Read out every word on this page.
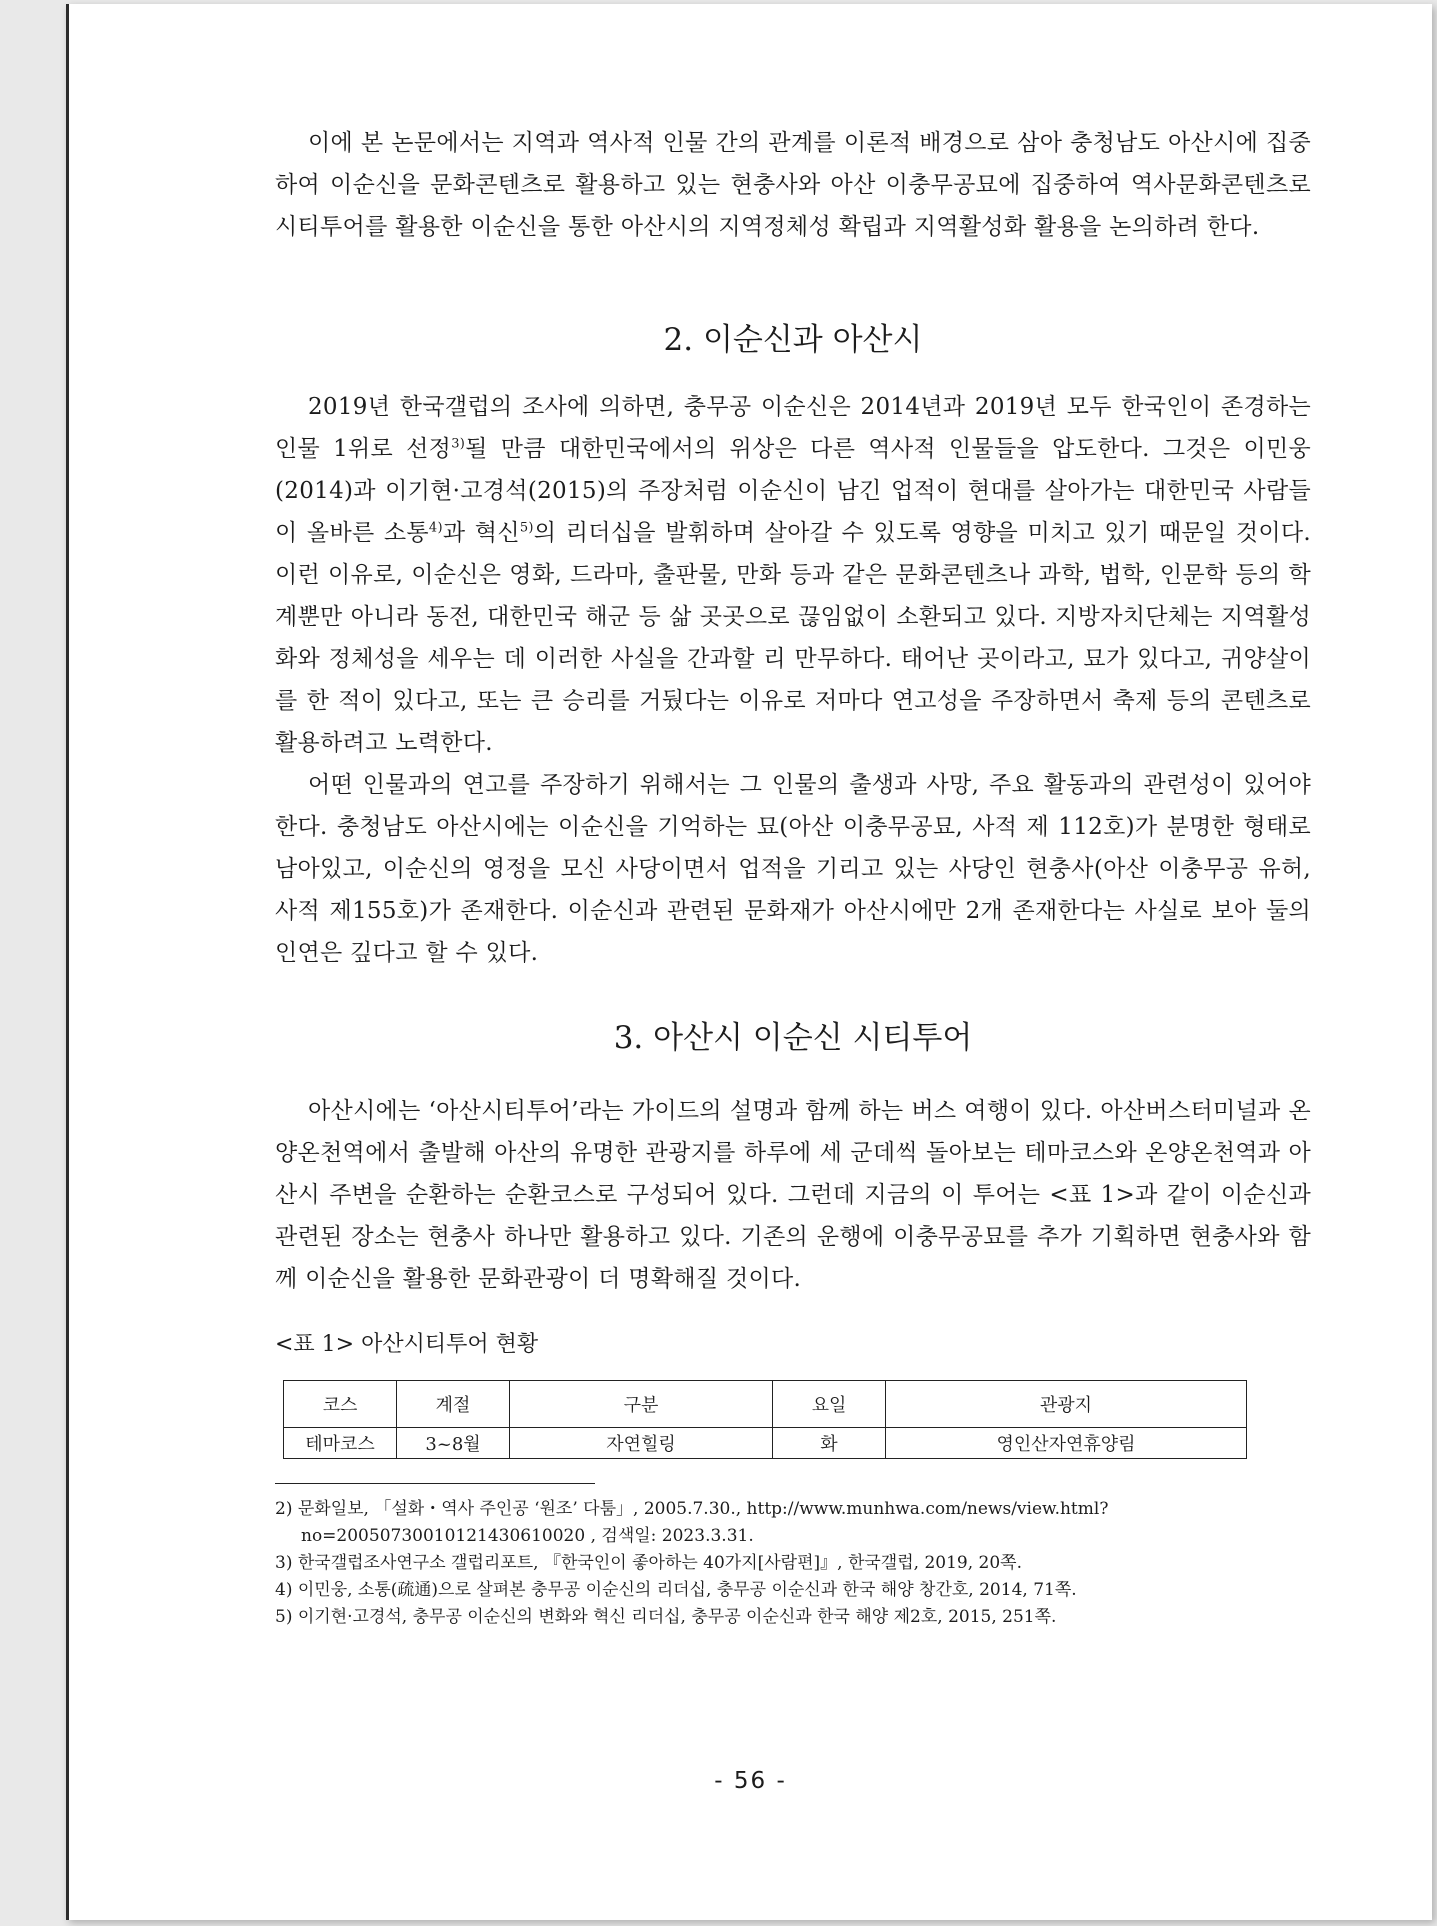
이에 본 논문에서는 지역과 역사적 인물 간의 관계를 이론적 배경으로 삼아 충청남도 아산시에 집중하여 이순신을 문화콘텐츠로 활용하고 있는 현충사와 아산 이충무공묘에 집중하여 역사문화콘텐츠로 시티투어를 활용한 이순신을 통한 아산시의 지역정체성 확립과 지역활성화 활용을 논의하려 한다.

2. 이순신과 아산시

2019년 한국갤럽의 조사에 의하면, 충무공 이순신은 2014년과 2019년 모두 한국인이 존경하는 인물 1위로 선정$^{3)}$될 만큼 대한민국에서의 위상은 다른 역사적 인물들을 압도한다. 그것은 이민웅(2014)과 이기현·고경석(2015)의 주장처럼 이순신이 남긴 업적이 현대를 살아가는 대한민국 사람들이 올바른 소통$^{4)}$과 혁신$^{5)}$의 리더십을 발휘하며 살아갈 수 있도록 영향을 미치고 있기 때문일 것이다. 이런 이유로, 이순신은 영화, 드라마, 출판물, 만화 등과 같은 문화콘텐츠나 과학, 법학, 인문학 등의 학계뿐만 아니라 동전, 대한민국 해군 등 삶 곳곳으로 끊임없이 소환되고 있다. 지방자치단체는 지역활성화와 정체성을 세우는 데 이러한 사실을 간과할 리 만무하다. 태어난 곳이라고, 묘가 있다고, 귀양살이를 한 적이 있다고, 또는 큰 승리를 거뒀다는 이유로 저마다 연고성을 주장하면서 축제 등의 콘텐츠로 활용하려고 노력한다.

어떤 인물과의 연고를 주장하기 위해서는 그 인물의 출생과 사망, 주요 활동과의 관련성이 있어야 한다. 충청남도 아산시에는 이순신을 기억하는 묘(아산 이충무공묘, 사적 제 112호)가 분명한 형태로 남아있고, 이순신의 영정을 모신 사당이면서 업적을 기리고 있는 사당인 현충사(아산 이충무공 유허, 사적 제155호)가 존재한다. 이순신과 관련된 문화재가 아산시에만 2개 존재한다는 사실로 보아 둘의 인연은 깊다고 할 수 있다.

3. 아산시 이순신 시티투어

아산시에는 ‘아산시티투어’라는 가이드의 설명과 함께 하는 버스 여행이 있다. 아산버스터미널과 온양온천역에서 출발해 아산의 유명한 관광지를 하루에 세 군데씩 돌아보는 테마코스와 온양온천역과 아산시 주변을 순환하는 순환코스로 구성되어 있다. 그런데 지금의 이 투어는 <표 1>과 같이 이순신과 관련된 장소는 현충사 하나만 활용하고 있다. 기존의 운행에 이충무공묘를 추가 기획하면 현충사와 함께 이순신을 활용한 문화관광이 더 명확해질 것이다.

<표 1> 아산시티투어 현황
코스	계절	구분	요일	관광지
테마코스	3~8월	자연힐링	화	영인산자연휴양림

2) 문화일보, 「설화・역사 주인공 ‘원조’ 다툼」, 2005.7.30., http://www.munhwa.com/news/view.html?no=20050730010121430610020 , 검색일: 2023.3.31.

3) 한국갤럽조사연구소 갤럽리포트, 『한국인이 좋아하는 40가지[사람편]』, 한국갤럽, 2019, 20쪽.

4) 이민웅, 소통(疏通)으로 살펴본 충무공 이순신의 리더십, 충무공 이순신과 한국 해양 창간호, 2014, 71쪽.

5) 이기현·고경석, 충무공 이순신의 변화와 혁신 리더십, 충무공 이순신과 한국 해양 제2호, 2015, 251쪽.

- 56 -
